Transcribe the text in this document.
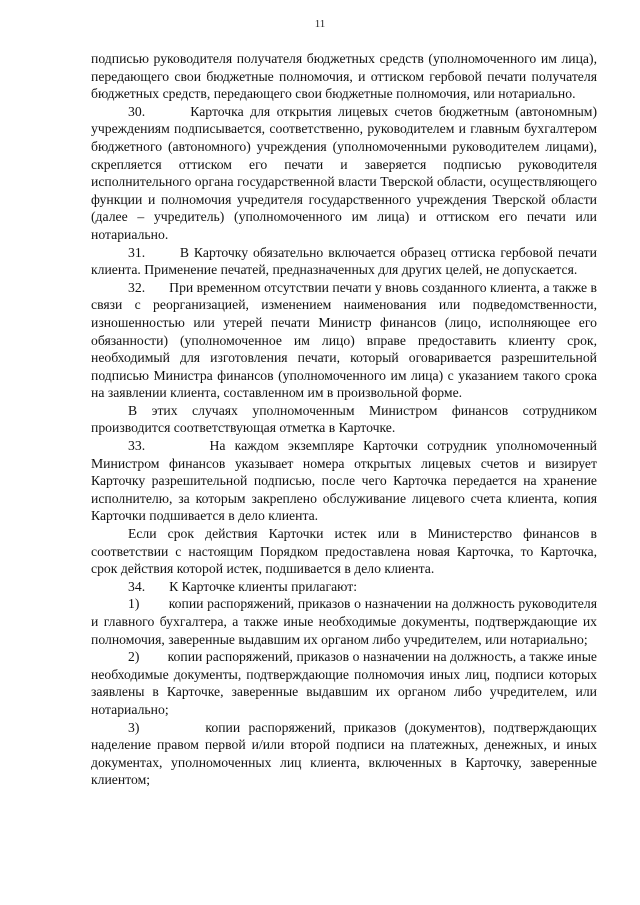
11

подписью руководителя получателя бюджетных средств (уполномоченного им лица), передающего свои бюджетные полномочия, и оттиском гербовой печати получателя бюджетных средств, передающего свои бюджетные полномочия, или нотариально.

30.       Карточка для открытия лицевых счетов бюджетным (автономным) учреждениям подписывается, соответственно, руководителем и главным бухгалтером бюджетного (автономного) учреждения (уполномоченными руководителем лицами), скрепляется оттиском его печати и заверяется подписью руководителя исполнительного органа государственной власти Тверской области, осуществляющего функции и полномочия учредителя государственного учреждения Тверской области (далее – учредитель) (уполномоченного им лица) и оттиском его печати или нотариально.

31.       В Карточку обязательно включается образец оттиска гербовой печати клиента. Применение печатей, предназначенных для других целей, не допускается.

32.       При временном отсутствии печати у вновь созданного клиента, а также в связи с реорганизацией, изменением наименования или подведомственности, изношенностью или утерей печати Министр финансов (лицо, исполняющее его обязанности) (уполномоченное им лицо) вправе предоставить клиенту срок, необходимый для изготовления печати, который оговаривается разрешительной подписью Министра финансов (уполномоченного им лица) с указанием такого срока на заявлении клиента, составленном им в произвольной форме.

В этих случаях уполномоченным Министром финансов сотрудником производится соответствующая отметка в Карточке.

33.       На каждом экземпляре Карточки сотрудник уполномоченный Министром финансов указывает номера открытых лицевых счетов и визирует Карточку разрешительной подписью, после чего Карточка передается на хранение исполнителю, за которым закреплено обслуживание лицевого счета клиента, копия Карточки подшивается в дело клиента.

Если срок действия Карточки истек или в Министерство финансов в соответствии с настоящим Порядком предоставлена новая Карточка, то Карточка, срок действия которой истек, подшивается в дело клиента.

34.       К Карточке клиенты прилагают:

1)        копии распоряжений, приказов о назначении на должность руководителя и главного бухгалтера, а также иные необходимые документы, подтверждающие их полномочия, заверенные выдавшим их органом либо учредителем, или нотариально;

2)        копии распоряжений, приказов о назначении на должность, а также иные необходимые документы, подтверждающие полномочия иных лиц, подписи которых заявлены в Карточке, заверенные выдавшим их органом либо учредителем, или нотариально;

3)        копии распоряжений, приказов (документов), подтверждающих наделение правом первой и/или второй подписи на платежных, денежных, и иных документах, уполномоченных лиц клиента, включенных в Карточку, заверенные клиентом;
